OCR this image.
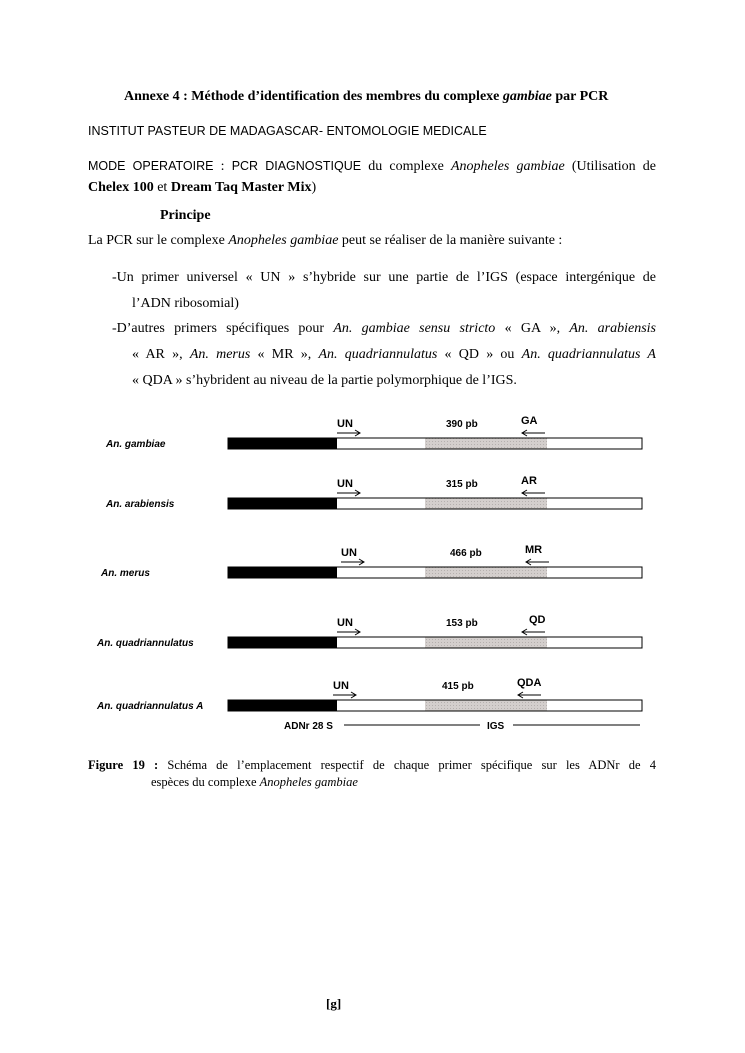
Annexe 4 : Méthode d’identification des membres du complexe gambiae par PCR
INSTITUT PASTEUR DE MADAGASCAR- ENTOMOLOGIE MEDICALE
MODE OPERATOIRE : PCR DIAGNOSTIQUE du complexe Anopheles gambiae (Utilisation de
Chelex 100 et Dream Taq Master Mix)
Principe
La PCR sur le complexe Anopheles gambiae peut se réaliser de la manière suivante :
-Un primer universel « UN » s’hybride sur une partie de l’IGS (espace intergénique de
l’ADN ribosomial)
-D’autres primers spécifiques pour An. gambiae sensu stricto « GA », An. arabiensis
« AR », An. merus « MR », An. quadriannulatus « QD » ou An. quadriannulatus A
« QDA » s’hybrident au niveau de la partie polymorphique de l’IGS.
An. gambiae
UN	390 pb	GA
An. arabiensis
UN	315 pb	AR
An. merus
UN	466 pb	MR
An. quadriannulatus
UN	153 pb	QD
An. quadriannulatus A
UN	415 pb	QDA
ADNr 28 S	IGS
Figure 19 : Schéma de l’emplacement respectif de chaque primer spécifique sur les ADNr de 4
espèces du complexe Anopheles gambiae
[g]
